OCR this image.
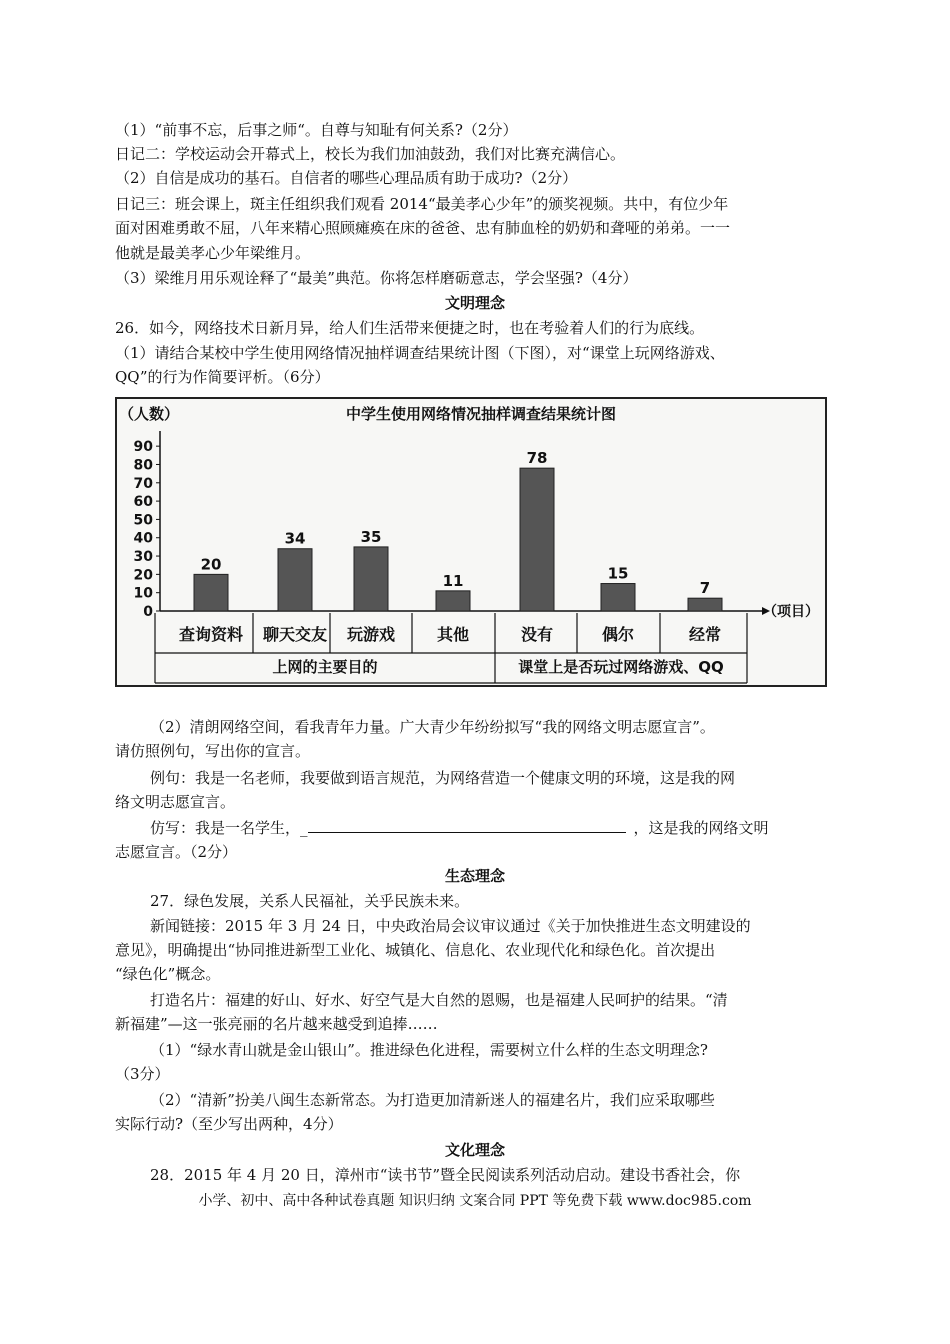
（1）“前事不忘，后事之师“。自尊与知耻有何关系?（2分）
日记二：学校运动会开幕式上，校长为我们加油鼓劲，我们对比赛充满信心。
（2）自信是成功的基石。自信者的哪些心理品质有助于成功?（2分）
日记三：班会课上，斑主任组织我们观看 2014“最美孝心少年”的颁奖视频。共中，有位少年
面对困难勇敢不屈，八年来精心照顾瘫痪在床的爸爸、忠有肺血栓的奶奶和聋哑的弟弟。一一
他就是最美孝心少年梁维月。
（3）梁维月用乐观诠释了“最美”典范。你将怎样磨砺意志，学会坚强?（4分）
文明理念
26．如今，网络技术日新月异，给人们生活带来便捷之时，也在考验着人们的行为底线。
（1）请结合某校中学生使用网络情况抽样调查结果统计图（下图），对“课堂上玩网络游戏、
QQ”的行为作简要评析。（6分）
中学生使用网络情况抽样调查结果统计图
（人数）
0
10
20
30
40
50
60
70
80
90
（项目）
20
查询资料
34
聊天交友
35
玩游戏
11
其他
78
没有
15
偶尔
7
经常
上网的主要目的	课堂上是否玩过网络游戏、QQ
（2）清朗网络空间，看我青年力量。广大青少年纷纷拟写“我的网络文明志愿宣言”。
请仿照例句，写出你的宣言。
例句：我是一名老师，我要做到语言规范，为网络营造一个健康文明的环境，这是我的网
络文明志愿宣言。
仿写：我是一名学生，_	，这是我的网络文明
志愿宣言。（2分）
生态理念
27．绿色发展，关系人民福祉，关乎民族未来。
新闻链接：2015 年 3 月 24 日，中央政治局会议审议通过《关于加快推进生态文明建设的
意见》，明确提出“协同推进新型工业化、城镇化、信息化、农业现代化和绿色化。首次提出
“绿色化”概念。
打造名片：福建的好山、好水、好空气是大自然的恩赐，也是福建人民呵护的结果。“清
新福建”—这一张亮丽的名片越来越受到追捧……
（1）“绿水青山就是金山银山”。推进绿色化进程，需要树立什么样的生态文明理念?
（3分）
（2）“清新”扮美八闽生态新常态。为打造更加清新迷人的福建名片，我们应采取哪些
实际行动?（至少写出两种，4分）
文化理念
28．2015 年 4 月 20 日，漳州市“读书节”暨全民阅读系列活动启动。建设书香社会，你
小学、初中、高中各种试卷真题 知识归纳 文案合同 PPT 等免费下载 www.doc985.com
